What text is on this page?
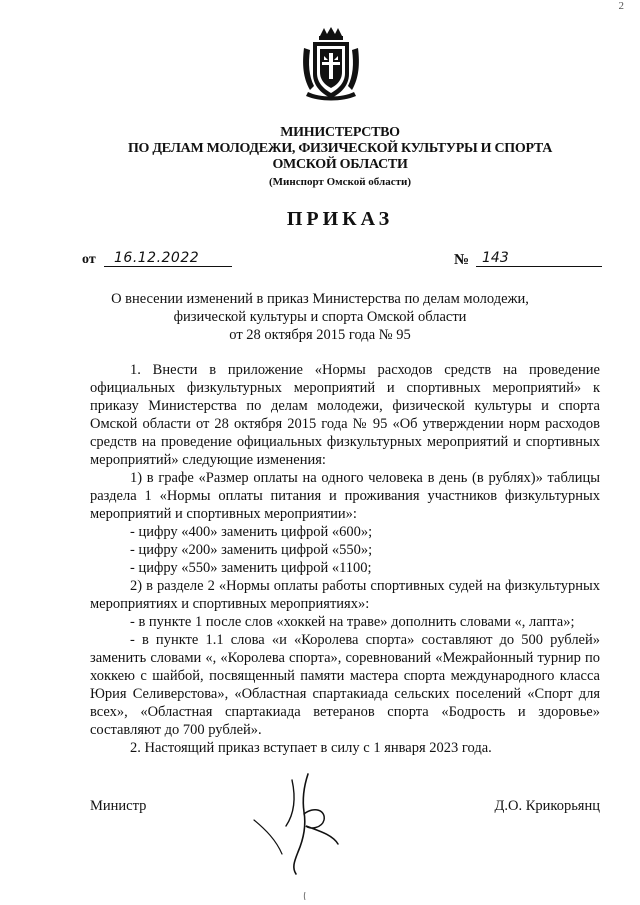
2
МИНИСТЕРСТВО
ПО ДЕЛАМ МОЛОДЕЖИ, ФИЗИЧЕСКОЙ КУЛЬТУРЫ И СПОРТА
ОМСКОЙ ОБЛАСТИ
(Минспорт Омской области)
ПРИКАЗ
от 16.12.2022	№ 143
О внесении изменений в приказ Министерства по делам молодежи,
физической культуры и спорта Омской области
от 28 октября 2015 года № 95

1. Внести в приложение «Нормы расходов средств на проведение официальных физкультурных мероприятий и спортивных мероприятий» к приказу Министерства по делам молодежи, физической культуры и спорта Омской области от 28 октября 2015 года № 95 «Об утверждении норм расходов средств на проведение официальных физкультурных мероприятий и спортивных мероприятий» следующие изменения:

1) в графе «Размер оплаты на одного человека в день (в рублях)» таблицы раздела 1 «Нормы оплаты питания и проживания участников физкультурных мероприятий и спортивных мероприятии»:

- цифру «400» заменить цифрой «600»;

- цифру «200» заменить цифрой «550»;

- цифру «550» заменить цифрой «1100;

2) в разделе 2 «Нормы оплаты работы спортивных судей на физкультурных мероприятиях и спортивных мероприятиях»:

- в пункте 1 после слов «хоккей на траве» дополнить словами «, лапта»;

- в пункте 1.1 слова «и «Королева спорта» составляют до 500 рублей» заменить словами «, «Королева спорта», соревнований «Межрайонный турнир по хоккею с шайбой, посвященный памяти мастера спорта международного класса Юрия Селиверстова», «Областная спартакиада сельских поселений «Спорт для всех», «Областная спартакиада ветеранов спорта «Бодрость и здоровье» составляют до 700 рублей».

2. Настоящий приказ вступает в силу с 1 января 2023 года.

Министр	Д.О. Крикорьянц
